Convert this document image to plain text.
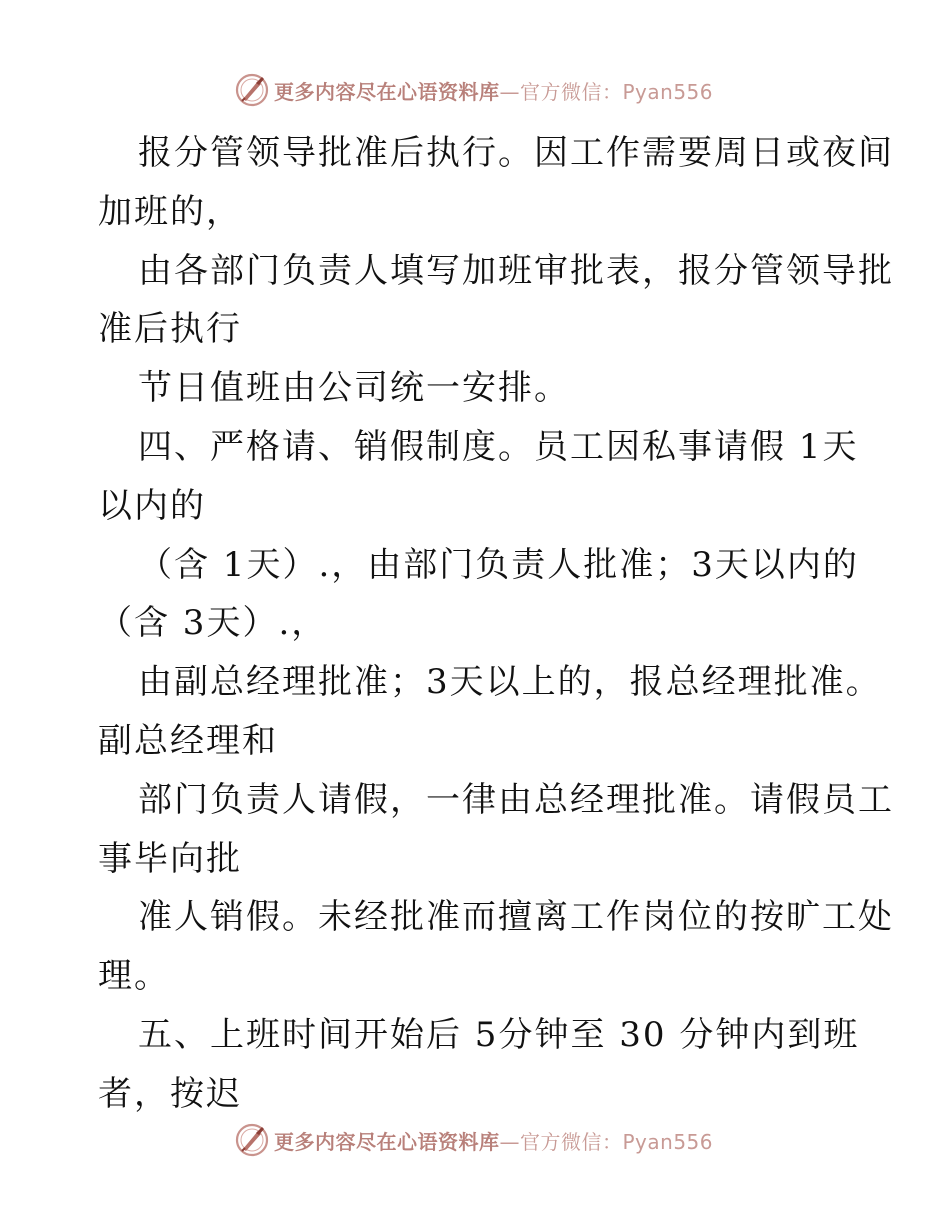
更多内容尽在心语资料库—官方微信：Pyan556
报分管领导批准后执行。因工作需要周日或夜间
加班的，
由各部门负责人填写加班审批表，报分管领导批
准后执行
节日值班由公司统一安排。
四、严格请、销假制度。员工因私事请假 1天
以内的
（含 1天）.，由部门负责人批准；3天以内的
（含 3天）.，
由副总经理批准；3天以上的，报总经理批准。
副总经理和
部门负责人请假，一律由总经理批准。请假员工
事毕向批
准人销假。未经批准而擅离工作岗位的按旷工处
理。
五、上班时间开始后 5分钟至 30 分钟内到班
者，按迟
更多内容尽在心语资料库—官方微信：Pyan556
